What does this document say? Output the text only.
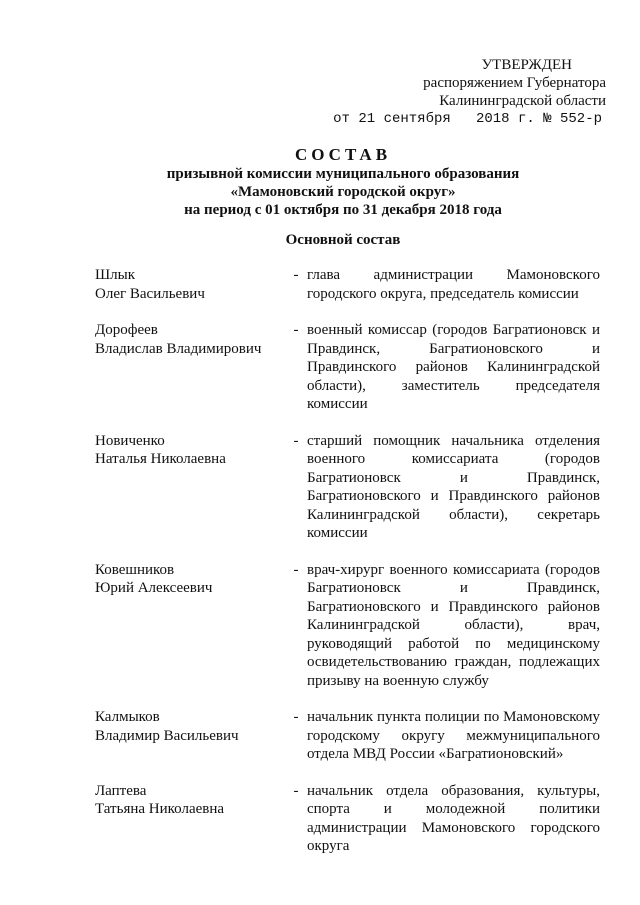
УТВЕРЖДЕН
распоряжением Губернатора
Калининградской области
от 21 сентября   2018 г. № 552-р
СОСТАВ
призывной комиссии муниципального образования
«Мамоновский городской округ»
на период с 01 октября по 31 декабря 2018 года
Основной состав
Шлык
Олег Васильевич
- глава администрации Мамоновского городского округа, председатель комиссии
Дорофеев
Владислав Владимирович
- военный комиссар (городов Багратионовск и Правдинск, Багратионовского и Правдинского районов Калининградской области), заместитель председателя комиссии
Новиченко
Наталья Николаевна
- старший помощник начальника отделения военного комиссариата (городов Багратионовск и Правдинск, Багратионовского и Правдинского районов Калининградской области), секретарь комиссии
Ковешников
Юрий Алексеевич
- врач-хирург военного комиссариата (городов Багратионовск и Правдинск, Багратионовского и Правдинского районов Калининградской области), врач, руководящий работой по медицинскому освидетельствованию граждан, подлежащих призыву на военную службу
Калмыков
Владимир Васильевич
- начальник пункта полиции по Мамоновскому городскому округу межмуниципального отдела МВД России «Багратионовский»
Лаптева
Татьяна Николаевна
- начальник отдела образования, культуры, спорта и молодежной политики администрации Мамоновского городского округа
